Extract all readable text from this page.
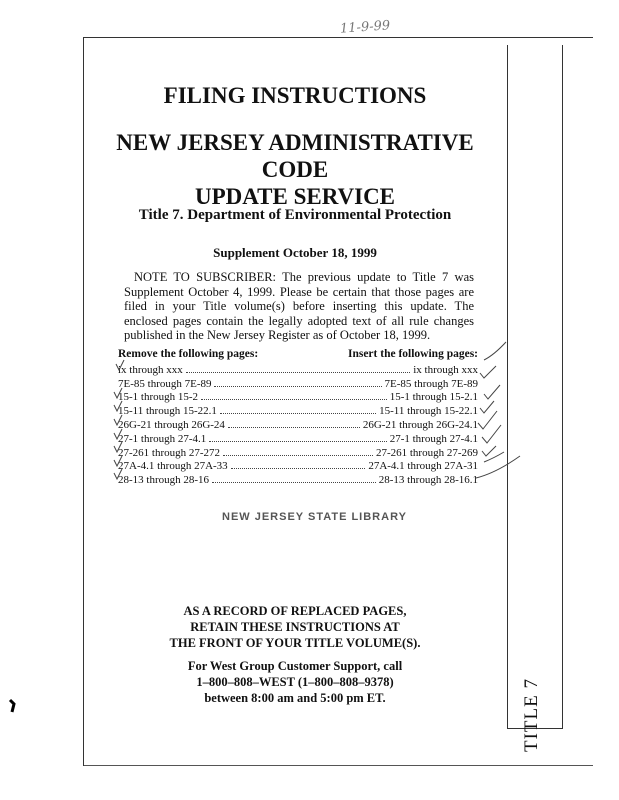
TITLE 7
11-9-99
FILING INSTRUCTIONS
NEW JERSEY ADMINISTRATIVE CODE
UPDATE SERVICE
Title 7. Department of Environmental Protection
Supplement October 18, 1999
NOTE TO SUBSCRIBER: The previous update to Title 7 was Supplement October 4, 1999. Please be certain that those pages are filed in your Title volume(s) before inserting this update. The enclosed pages contain the legally adopted text of all rule changes published in the New Jersey Register as of October 18, 1999.
Remove the following pages:	Insert the following pages:
ix through xxx	ix through xxx
7E-85 through 7E-89	7E-85 through 7E-89
15-1 through 15-2	15-1 through 15-2.1
15-11 through 15-22.1	15-11 through 15-22.1
26G-21 through 26G-24	26G-21 through 26G-24.1
27-1 through 27-4.1	27-1 through 27-4.1
27-261 through 27-272	27-261 through 27-269
27A-4.1 through 27A-33	27A-4.1 through 27A-31
28-13 through 28-16	28-13 through 28-16.1
NEW JERSEY STATE LIBRARY
AS A RECORD OF REPLACED PAGES,
RETAIN THESE INSTRUCTIONS AT
THE FRONT OF YOUR TITLE VOLUME(S).
For West Group Customer Support, call
1–800–808–WEST (1–800–808–9378)
between 8:00 am and 5:00 pm ET.
